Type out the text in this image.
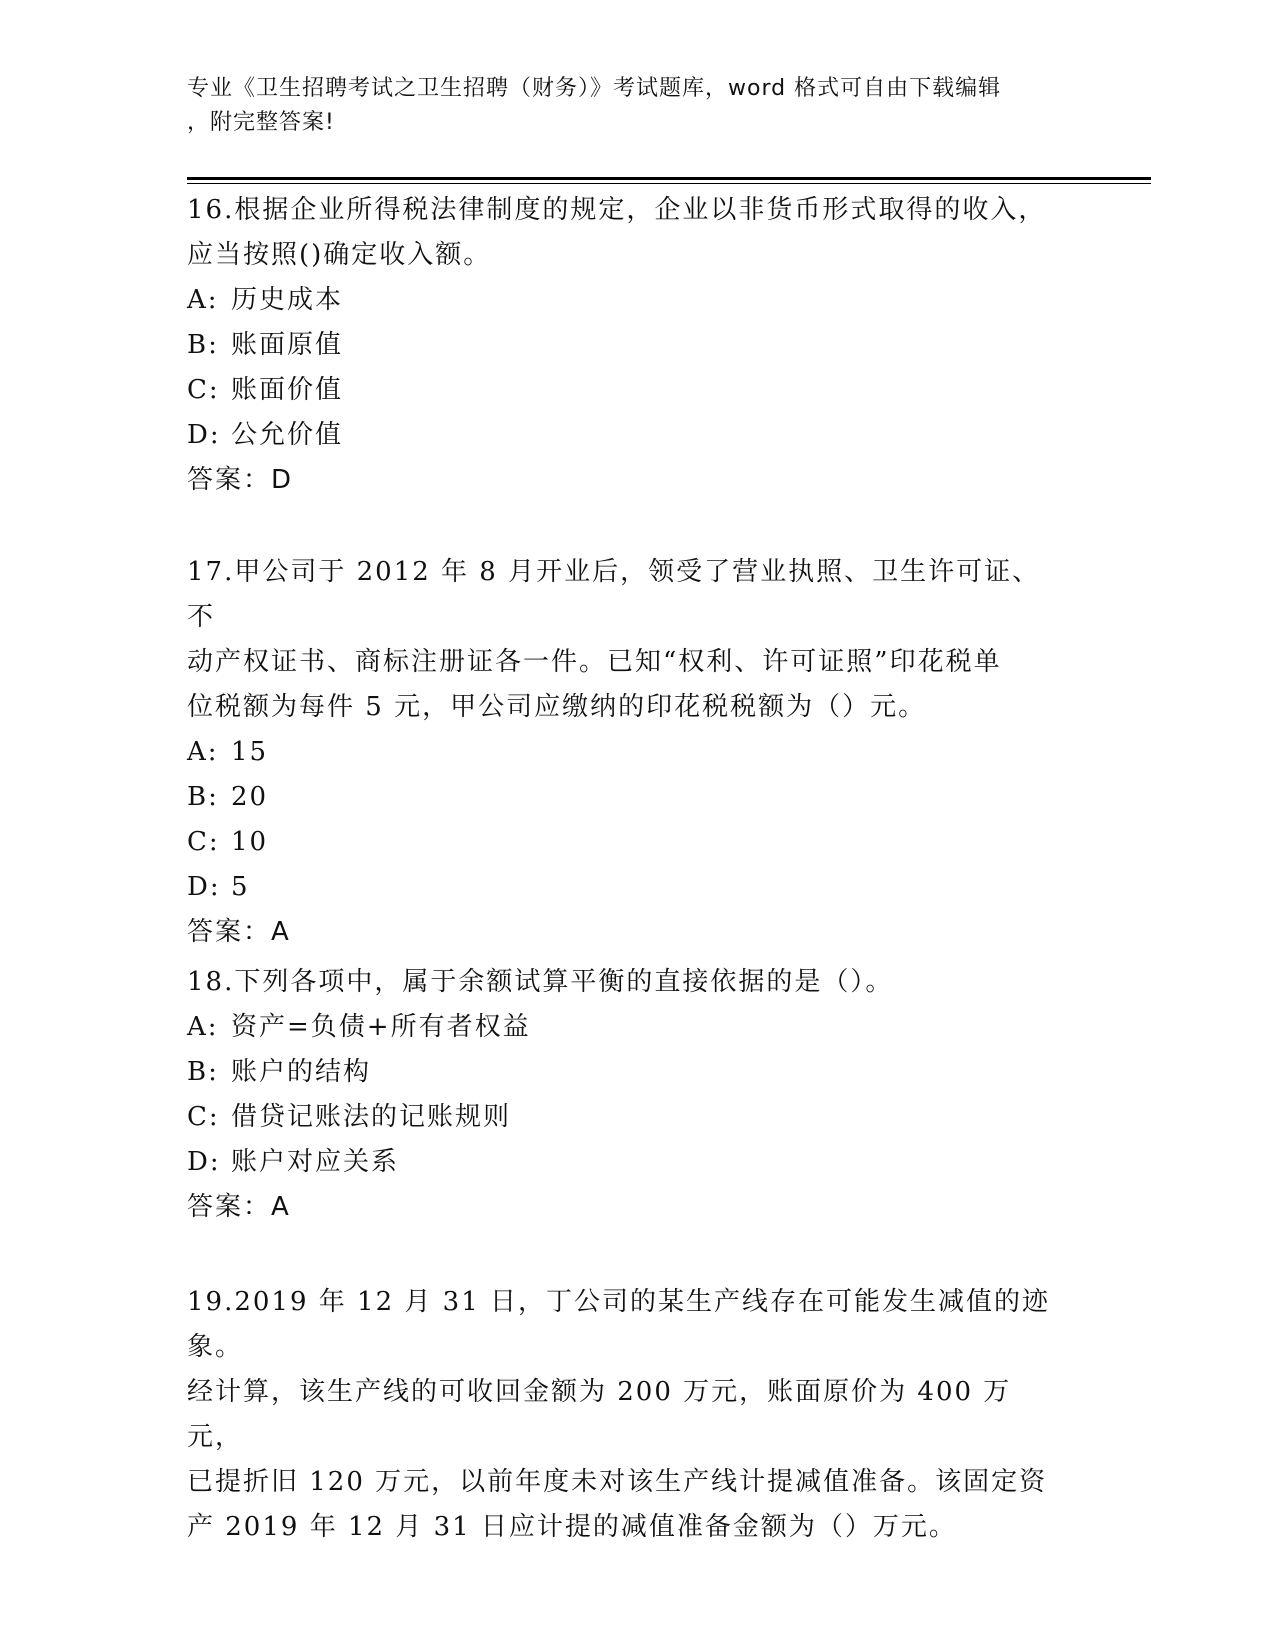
专业《卫生招聘考试之卫生招聘（财务）》考试题库，word 格式可自由下载编辑
，附完整答案!

16.根据企业所得税法律制度的规定，企业以非货币形式取得的收入，

应当按照()确定收入额。

A: 历史成本

B: 账面原值

C: 账面价值

D: 公允价值

答案：D

17.甲公司于 2012 年 8 月开业后，领受了营业执照、卫生许可证、不

动产权证书、商标注册证各一件。已知“权利、许可证照”印花税单

位税额为每件 5 元，甲公司应缴纳的印花税税额为（）元。

A: 15

B: 20

C: 10

D: 5

答案：A

18.下列各项中，属于余额试算平衡的直接依据的是（）。

A: 资产=负债+所有者权益

B: 账户的结构

C: 借贷记账法的记账规则

D: 账户对应关系

答案：A

19.2019 年 12 月 31 日，丁公司的某生产线存在可能发生减值的迹象。

经计算，该生产线的可收回金额为 200 万元，账面原价为 400 万元，

已提折旧 120 万元，以前年度未对该生产线计提减值准备。该固定资

产 2019 年 12 月 31 日应计提的减值准备金额为（）万元。
